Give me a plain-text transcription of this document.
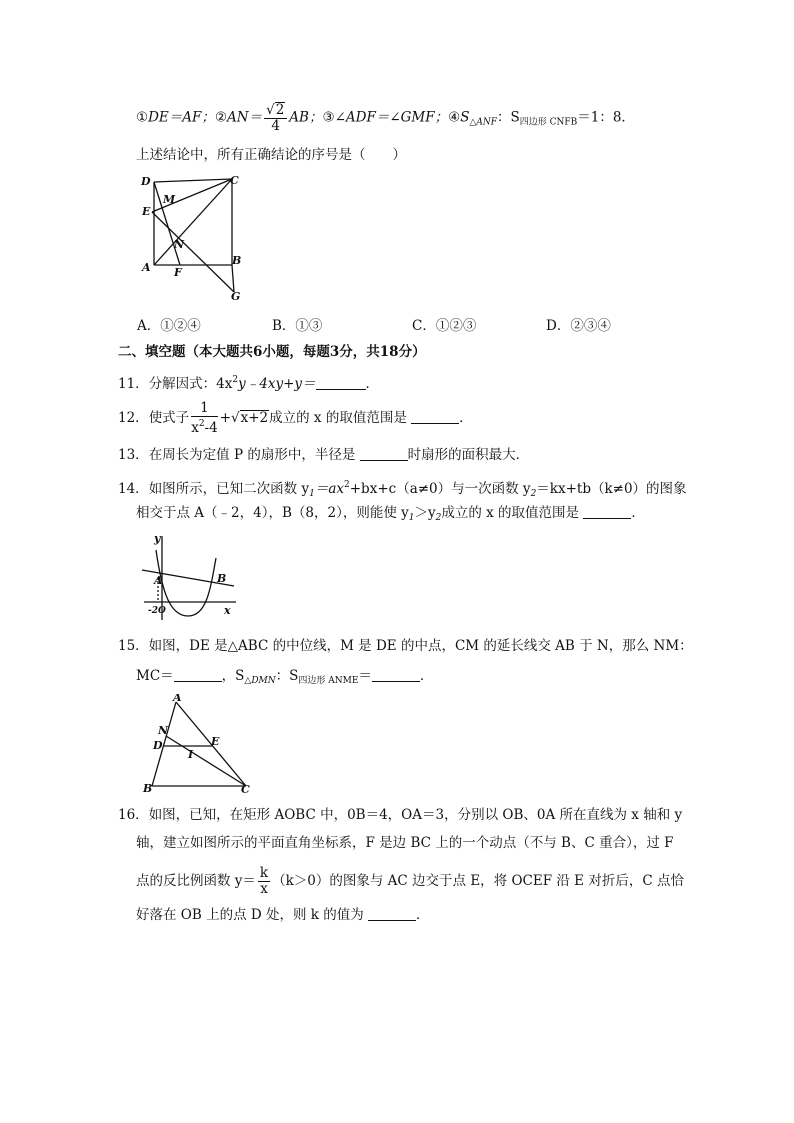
①DE＝AF；②AN＝ $\frac{√2}{4}$ AB；③∠ADF＝∠GMF；$④S_{\triangle ANF}$：$S_{四边形 CNFB}=1$：8．
上述结论中，所有正确结论的序号是（　　）
D	C
M
E
N
A F
B
G
A．①②④	B．①③	C．①②③	D．②③④
二、填空题（本大题共6小题，每题3分，共18分）
11．分解因式：$4x^2y﹣4xy+y=$	．
12．使式子 $\frac{1}{x^2-4} +√x+2$成立的 x 的取值范围是	．
13．在周长为定值 P 的扇形中，半径是	时扇形的面积最大．
14．如图所示，已知二次函数 $y_1=ax^2+bx+c(a\ne 0)$与一次函数 $y_2=kx+tb(k\ne 0)$的图象
相交于点 A（﹣2，4），B（8，2），则能使 $y_1>y_2$成立的 x 的取值范围是	．
y
A	B
-2O	x
15．如图，DE 是△ABC 的中位线，M 是 DE 的中点，CM 的延长线交 AB 于 N，那么 NM：
MC＝	，$S_{\triangle DMN}$：$S_{四边形 ANME}=$	．
A
N
D	E
I
B	C
16．如图，已知，在矩形 AOBC 中，0B＝4，OA＝3，分别以 OB、0A 所在直线为 x 轴和 y
轴，建立如图所示的平面直角坐标系，F 是边 BC 上的一个动点（不与 B、C 重合），过 F
点的反比例函数 $y= \frac{k}{x} (k>0)$的图象与 AC 边交于点 E，将 OCEF 沿 E 对折后，C 点恰
好落在 OB 上的点 D 处，则 k 的值为	．
